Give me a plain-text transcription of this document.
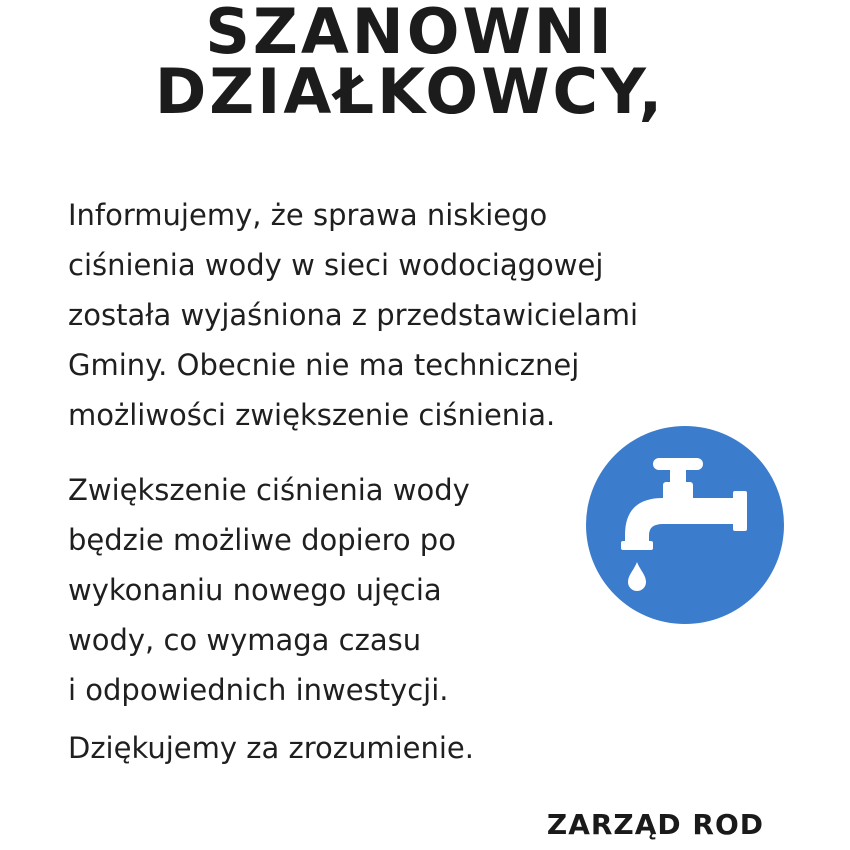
SZANOWNI
DZIAŁKOWCY,

Informujemy, że sprawa niskiego
ciśnienia wody w sieci wodociągowej
została wyjaśniona z przedstawicielami
Gminy. Obecnie nie ma technicznej
możliwości zwiększenie ciśnienia.

Zwiększenie ciśnienia wody
będzie możliwe dopiero po
wykonaniu nowego ujęcia
wody, co wymaga czasu
i odpowiednich inwestycji.

Dziękujemy za zrozumienie.

ZARZĄD ROD
